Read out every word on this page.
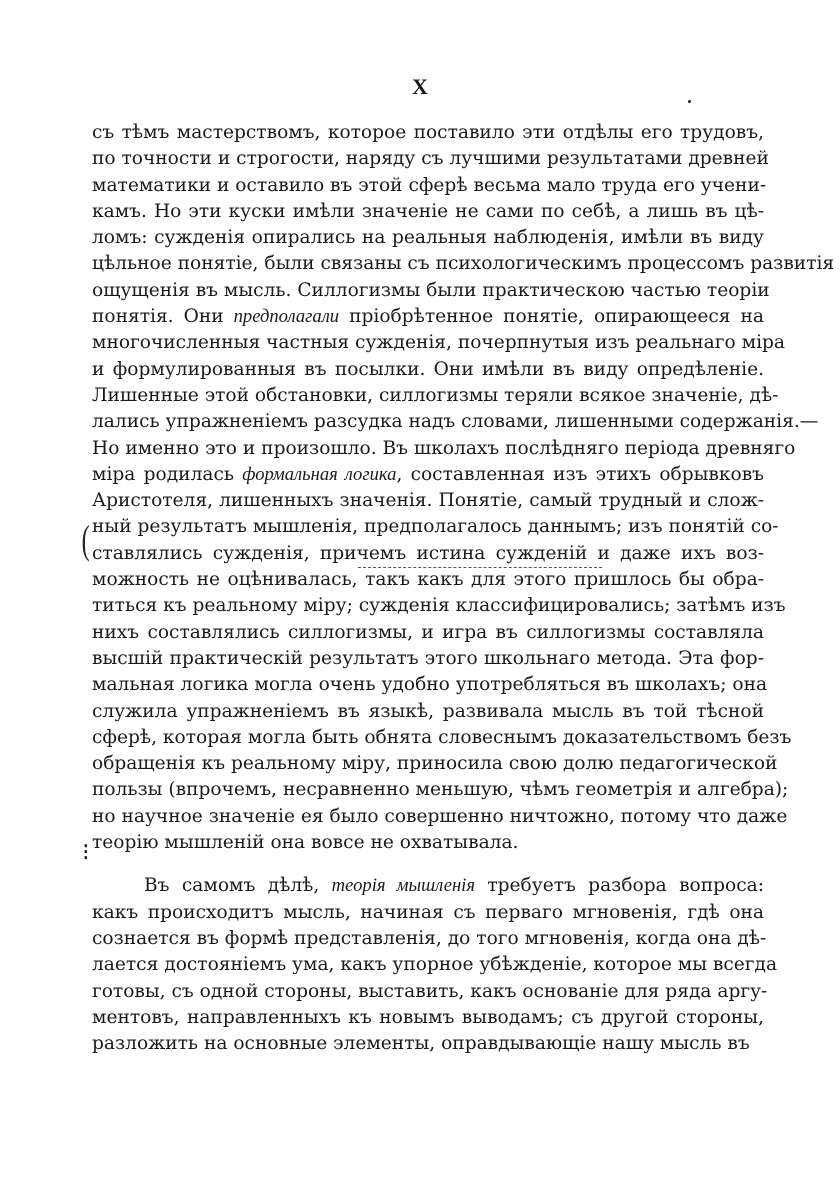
X
съ тѣмъ мастерствомъ, которое поставило эти отдѣлы его трудовъ,
по точности и строгости, наряду съ лучшими результатами древней
математики и оставило въ этой сферѣ весьма мало труда его учени-
камъ. Но эти куски имѣли значеніе не сами по себѣ, а лишь въ цѣ-
ломъ: сужденія опирались на реальныя наблюденія, имѣли въ виду
цѣльное понятіе, были связаны съ психологическимъ процессомъ развитія
ощущенія въ мысль. Силлогизмы были практическою частью теоріи
понятія. Они предполагали пріобрѣтенное понятіе, опирающееся на
многочисленныя частныя сужденія, почерпнутыя изъ реальнаго міра
и формулированныя въ посылки. Они имѣли въ виду опредѣленіе.
Лишенные этой обстановки, силлогизмы теряли всякое значеніе, дѣ-
лались упражненіемъ разсудка надъ словами, лишенными содержанія.—
Но именно это и произошло. Въ школахъ послѣдняго періода древняго
міра родилась формальная логика, составленная изъ этихъ обрывковъ
Аристотеля, лишенныхъ значенія. Понятіе, самый трудный и слож-
ный результатъ мышленія, предполагалось даннымъ; изъ понятій со-
ставлялись сужденія, причемъ истина сужденій и даже ихъ воз-
можность не оцѣнивалась, такъ какъ для этого пришлось бы обра-
титься къ реальному міру; сужденія классифицировались; затѣмъ изъ
нихъ составлялись силлогизмы, и игра въ силлогизмы составляла
высшій практическій результатъ этого школьнаго метода. Эта фор-
мальная логика могла очень удобно употребляться въ школахъ; она
служила упражненіемъ въ языкѣ, развивала мысль въ той тѣсной
сферѣ, которая могла быть обнята словеснымъ доказательствомъ безъ
обращенія къ реальному міру, приносила свою долю педагогической
пользы (впрочемъ, несравненно меньшую, чѣмъ геометрія и алгебра);
но научное значеніе ея было совершенно ничтожно, потому что даже
теорію мышленій она вовсе не охватывала.
Въ самомъ дѣлѣ, теорія мышленія требуетъ разбора вопроса:
какъ происходитъ мысль, начиная съ перваго мгновенія, гдѣ она
сознается въ формѣ представленія, до того мгновенія, когда она дѣ-
лается достояніемъ ума, какъ упорное убѣжденіе, которое мы всегда
готовы, съ одной стороны, выставить, какъ основаніе для ряда аргу-
ментовъ, направленныхъ къ новымъ выводамъ; съ другой стороны,
разложить на основные элементы, оправдывающіе нашу мысль въ
(
⁝
